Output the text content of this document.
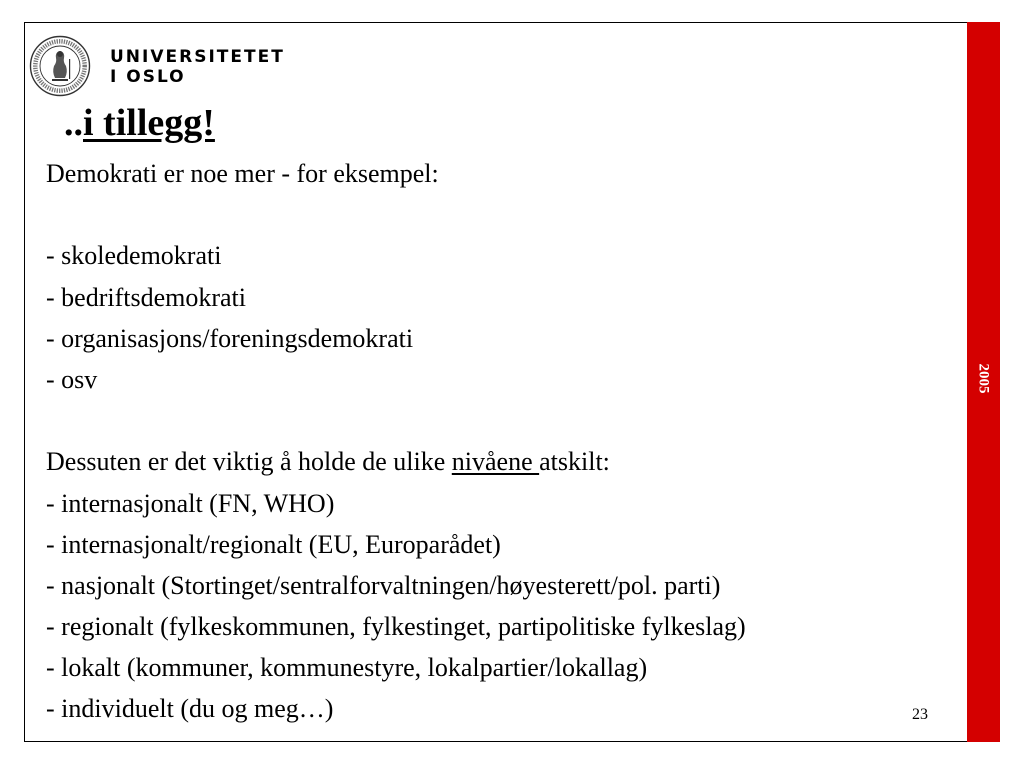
2005
UNIVERSITETET
I OSLO
..i tillegg!
Demokrati er noe mer - for eksempel:
- skoledemokrati
- bedriftsdemokrati
- organisasjons/foreningsdemokrati
- osv
Dessuten er det viktig å holde de ulike nivåene atskilt:
- internasjonalt (FN, WHO)
- internasjonalt/regionalt (EU, Europarådet)
- nasjonalt (Stortinget/sentralforvaltningen/høyesterett/pol. parti)
- regionalt (fylkeskommunen, fylkestinget, partipolitiske fylkeslag)
- lokalt (kommuner, kommunestyre, lokalpartier/lokallag)
- individuelt (du og meg…)	23
